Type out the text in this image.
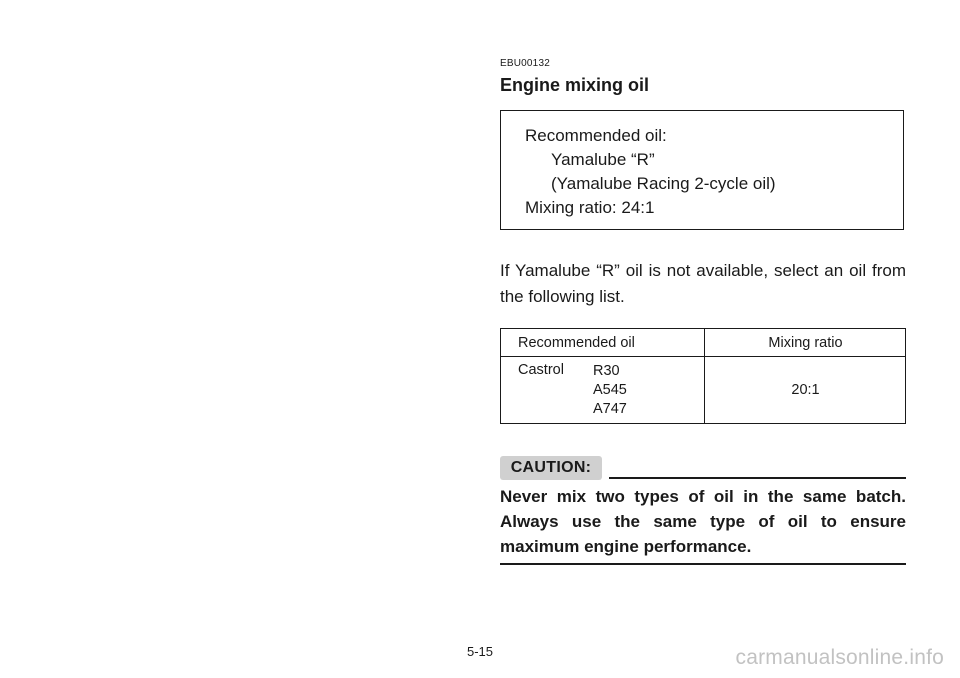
EBU00132
Engine mixing oil
Recommended oil:
Yamalube “R”
(Yamalube Racing 2-cycle oil)
Mixing ratio: 24:1
If Yamalube “R” oil is not available, select an oil from the following list.
Recommended oil	Mixing ratio
Castrol R30
A545
A747
20:1
CAUTION:
Never mix two types of oil in the same batch. Always use the same type of oil to ensure maximum engine performance.
5-15	carmanualsonline.info
